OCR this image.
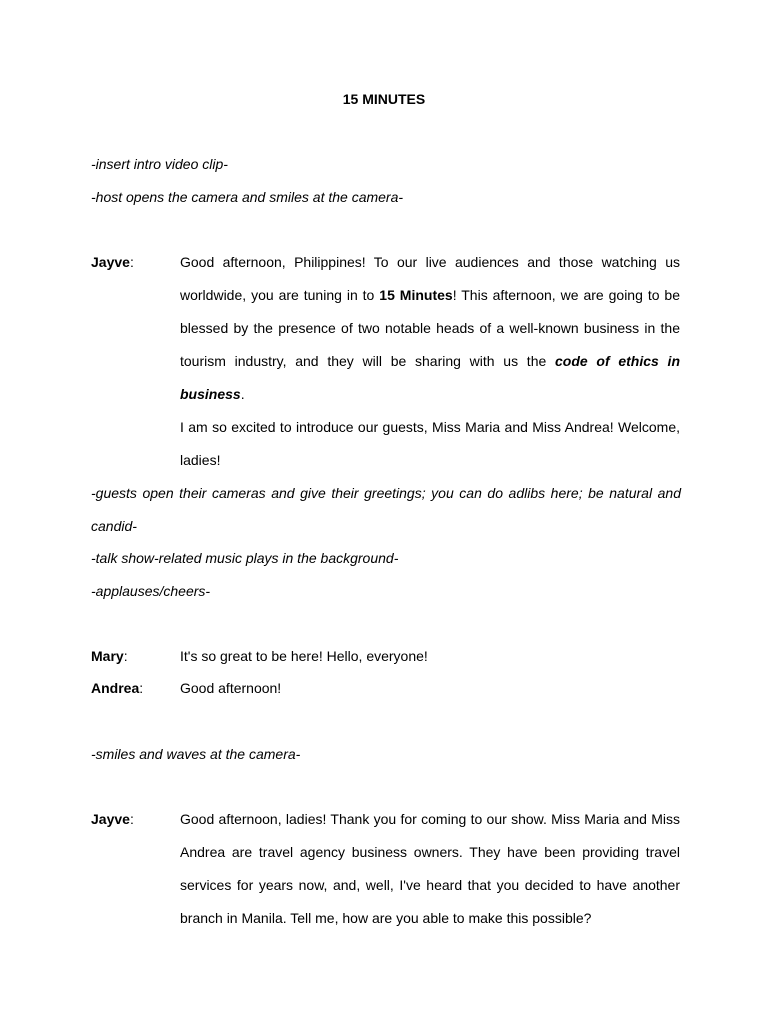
15 MINUTES
-insert intro video clip-
-host opens the camera and smiles at the camera-
Jayve:	Good afternoon, Philippines! To our live audiences and those watching us
worldwide, you are tuning in to 15 Minutes! This afternoon, we are going to be
blessed by the presence of two notable heads of a well-known business in the
tourism industry, and they will be sharing with us the code of ethics in business.
I am so excited to introduce our guests, Miss Maria and Miss Andrea! Welcome,
ladies!
-guests open their cameras and give their greetings; you can do adlibs here; be natural and
candid-
-talk show-related music plays in the background-
-applauses/cheers-
Mary:	It's so great to be here! Hello, everyone!
Andrea:	Good afternoon!
-smiles and waves at the camera-
Jayve:	Good afternoon, ladies! Thank you for coming to our show. Miss Maria and Miss
Andrea are travel agency business owners. They have been providing travel
services for years now, and, well, I've heard that you decided to have another
branch in Manila. Tell me, how are you able to make this possible?
